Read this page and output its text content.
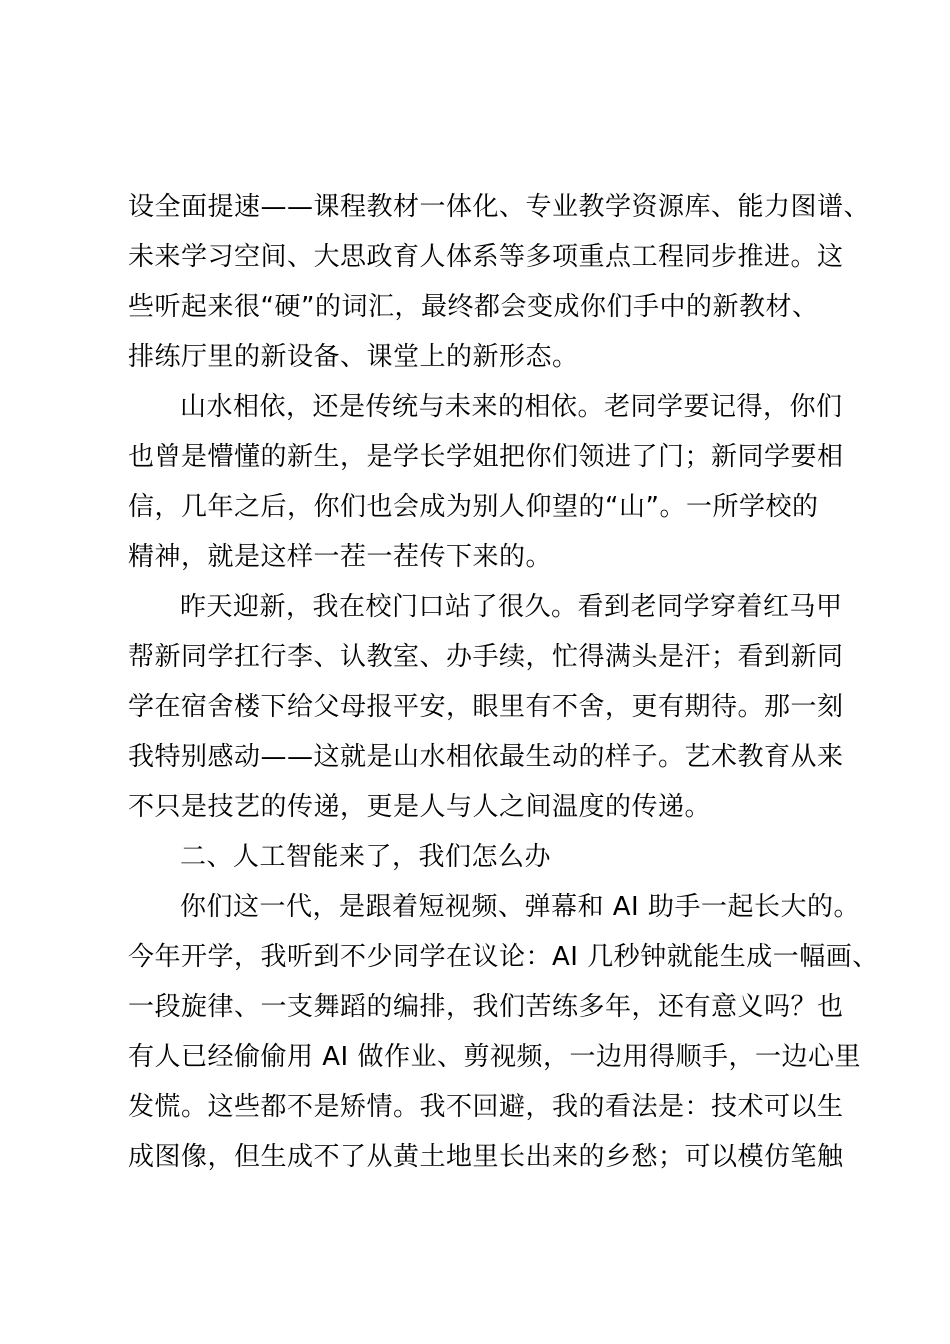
设全面提速——课程教材一体化、专业教学资源库、能力图谱、
未来学习空间、大思政育人体系等多项重点工程同步推进。这
些听起来很“硬”的词汇，最终都会变成你们手中的新教材、
排练厅里的新设备、课堂上的新形态。

山水相依，还是传统与未来的相依。老同学要记得，你们
也曾是懵懂的新生，是学长学姐把你们领进了门；新同学要相
信，几年之后，你们也会成为别人仰望的“山”。一所学校的
精神，就是这样一茬一茬传下来的。

昨天迎新，我在校门口站了很久。看到老同学穿着红马甲
帮新同学扛行李、认教室、办手续，忙得满头是汗；看到新同
学在宿舍楼下给父母报平安，眼里有不舍，更有期待。那一刻
我特别感动——这就是山水相依最生动的样子。艺术教育从来
不只是技艺的传递，更是人与人之间温度的传递。

二、人工智能来了，我们怎么办

你们这一代，是跟着短视频、弹幕和 AI 助手一起长大的。
今年开学，我听到不少同学在议论：AI 几秒钟就能生成一幅画、
一段旋律、一支舞蹈的编排，我们苦练多年，还有意义吗？也
有人已经偷偷用 AI 做作业、剪视频，一边用得顺手，一边心里
发慌。这些都不是矫情。我不回避，我的看法是：技术可以生
成图像，但生成不了从黄土地里长出来的乡愁；可以模仿笔触
